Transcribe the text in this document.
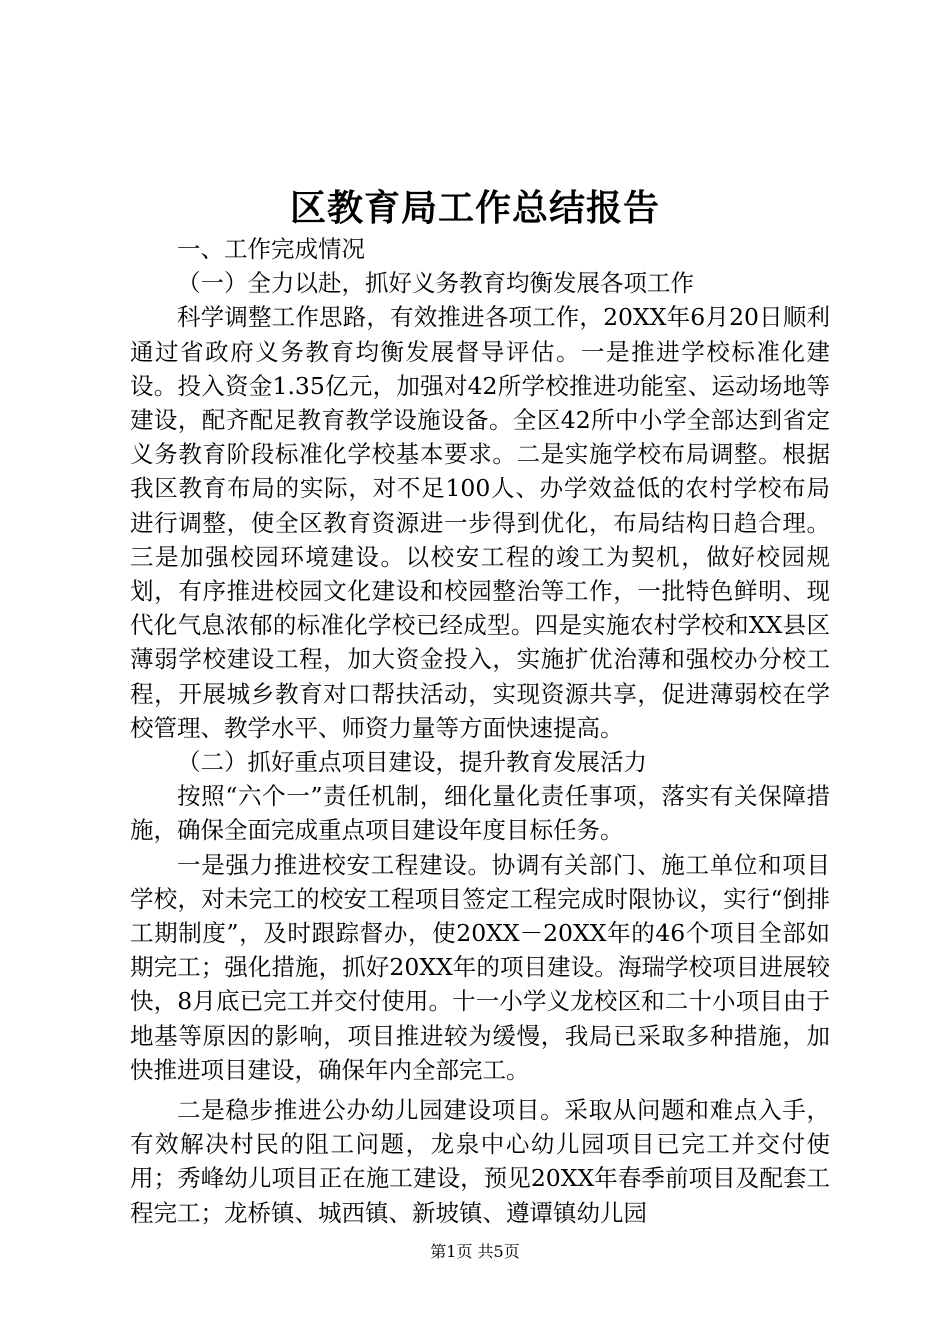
区教育局工作总结报告

一、工作完成情况

（一）全力以赴，抓好义务教育均衡发展各项工作

科学调整工作思路，有效推进各项工作，20XX年6月20日顺利通过省政府义务教育均衡发展督导评估。一是推进学校标准化建设。投入资金1.35亿元，加强对42所学校推进功能室、运动场地等建设，配齐配足教育教学设施设备。全区42所中小学全部达到省定义务教育阶段标准化学校基本要求。二是实施学校布局调整。根据我区教育布局的实际，对不足100人、办学效益低的农村学校布局进行调整，使全区教育资源进一步得到优化，布局结构日趋合理。三是加强校园环境建设。以校安工程的竣工为契机，做好校园规划，有序推进校园文化建设和校园整治等工作，一批特色鲜明、现代化气息浓郁的标准化学校已经成型。四是实施农村学校和XX县区薄弱学校建设工程，加大资金投入，实施扩优治薄和强校办分校工程，开展城乡教育对口帮扶活动，实现资源共享，促进薄弱校在学校管理、教学水平、师资力量等方面快速提高。

（二）抓好重点项目建设，提升教育发展活力

按照“六个一”责任机制，细化量化责任事项，落实有关保障措施，确保全面完成重点项目建设年度目标任务。

一是强力推进校安工程建设。协调有关部门、施工单位和项目学校，对未完工的校安工程项目签定工程完成时限协议，实行“倒排工期制度”，及时跟踪督办，使20XX－20XX年的46个项目全部如期完工；强化措施，抓好20XX年的项目建设。海瑞学校项目进展较快，8月底已完工并交付使用。十一小学义龙校区和二十小项目由于地基等原因的影响，项目推进较为缓慢，我局已采取多种措施，加快推进项目建设，确保年内全部完工。

二是稳步推进公办幼儿园建设项目。采取从问题和难点入手，有效解决村民的阻工问题，龙泉中心幼儿园项目已完工并交付使用；秀峰幼儿项目正在施工建设，预见20XX年春季前项目及配套工程完工；龙桥镇、城西镇、新坡镇、遵谭镇幼儿园

第1页 共5页
